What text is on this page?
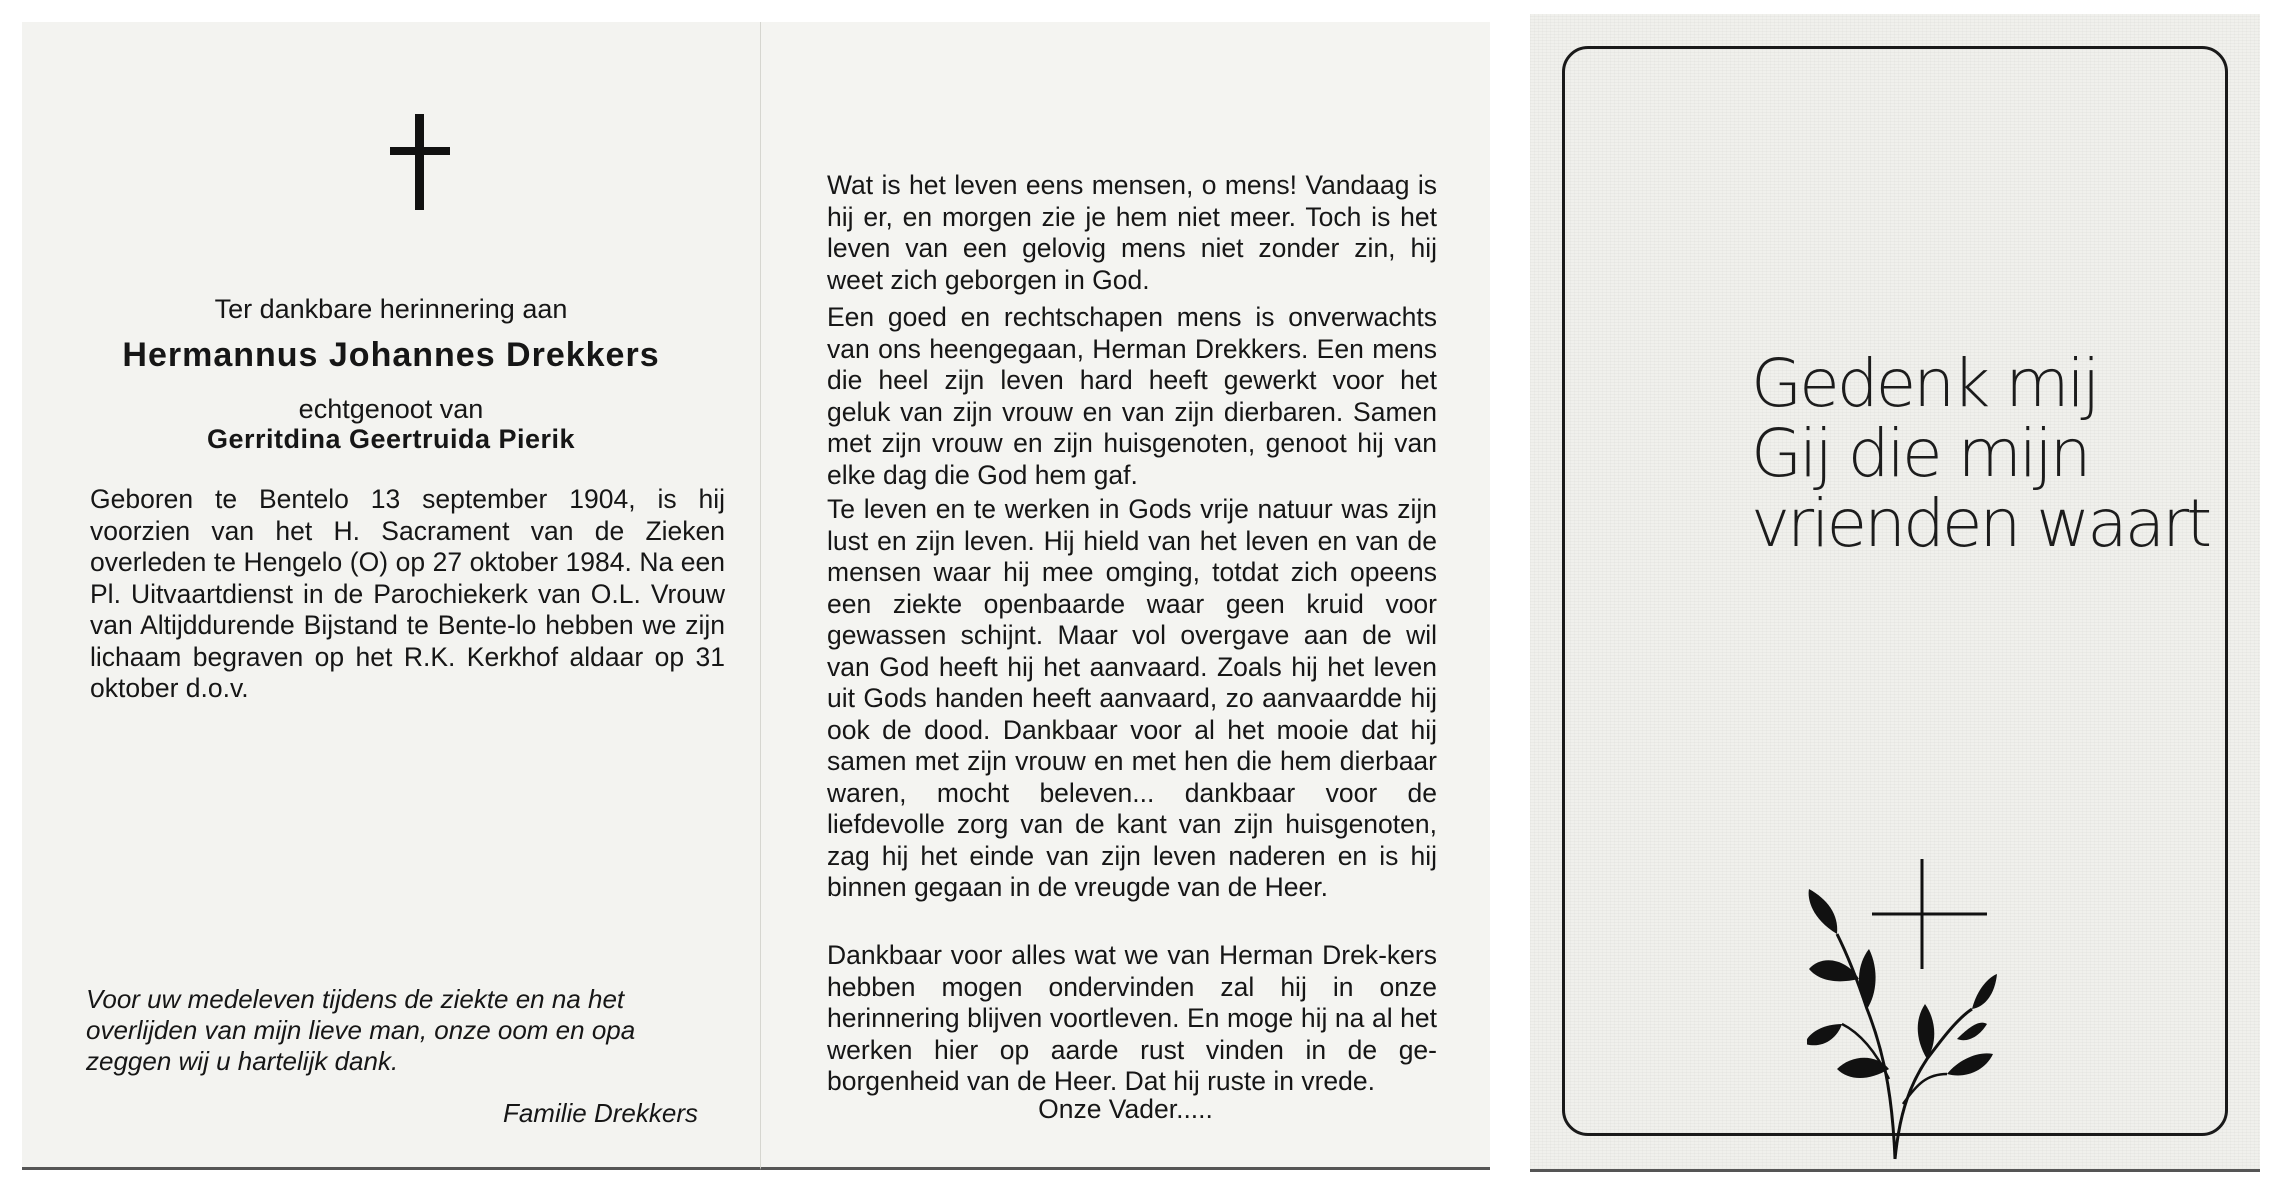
Ter dankbare herinnering aan
Hermannus Johannes Drekkers
echtgenoot van
Gerritdina Geertruida Pierik

Geboren te Bentelo 13 september 1904, is hij voorzien van het H. Sacrament van de Zieken overleden te Hengelo (O) op 27 oktober 1984. Na een Pl. Uitvaartdienst in de Parochiekerk van O.L. Vrouw van Altijddurende Bijstand te Bente-lo hebben we zijn lichaam begraven op het R.K. Kerkhof aldaar op 31 oktober d.o.v.

Voor uw medeleven tijdens de ziekte en na het overlijden van mijn lieve man, onze oom en opa zeggen wij u hartelijk dank.

Familie Drekkers

Wat is het leven eens mensen, o mens! Vandaag is hij er, en morgen zie je hem niet meer. Toch is het leven van een gelovig mens niet zonder zin, hij weet zich geborgen in God.

Een goed en rechtschapen mens is onverwachts van ons heengegaan, Herman Drekkers. Een mens die heel zijn leven hard heeft gewerkt voor het geluk van zijn vrouw en van zijn dierbaren. Samen met zijn vrouw en zijn huisgenoten, genoot hij van elke dag die God hem gaf.

Te leven en te werken in Gods vrije natuur was zijn lust en zijn leven. Hij hield van het leven en van de mensen waar hij mee omging, totdat zich opeens een ziekte openbaarde waar geen kruid voor gewassen schijnt. Maar vol overgave aan de wil van God heeft hij het aanvaard. Zoals hij het leven uit Gods handen heeft aanvaard, zo aanvaardde hij ook de dood. Dankbaar voor al het mooie dat hij samen met zijn vrouw en met hen die hem dierbaar waren, mocht beleven... dankbaar voor de liefdevolle zorg van de kant van zijn huisgenoten, zag hij het einde van zijn leven naderen en is hij binnen gegaan in de vreugde van de Heer.

Dankbaar voor alles wat we van Herman Drek-kers hebben mogen ondervinden zal hij in onze herinnering blijven voortleven. En moge hij na al het werken hier op aarde rust vinden in de ge-borgenheid van de Heer. Dat hij ruste in vrede.

Onze Vader.....
Gedenk mij
Gij die mijn
vrienden waart
